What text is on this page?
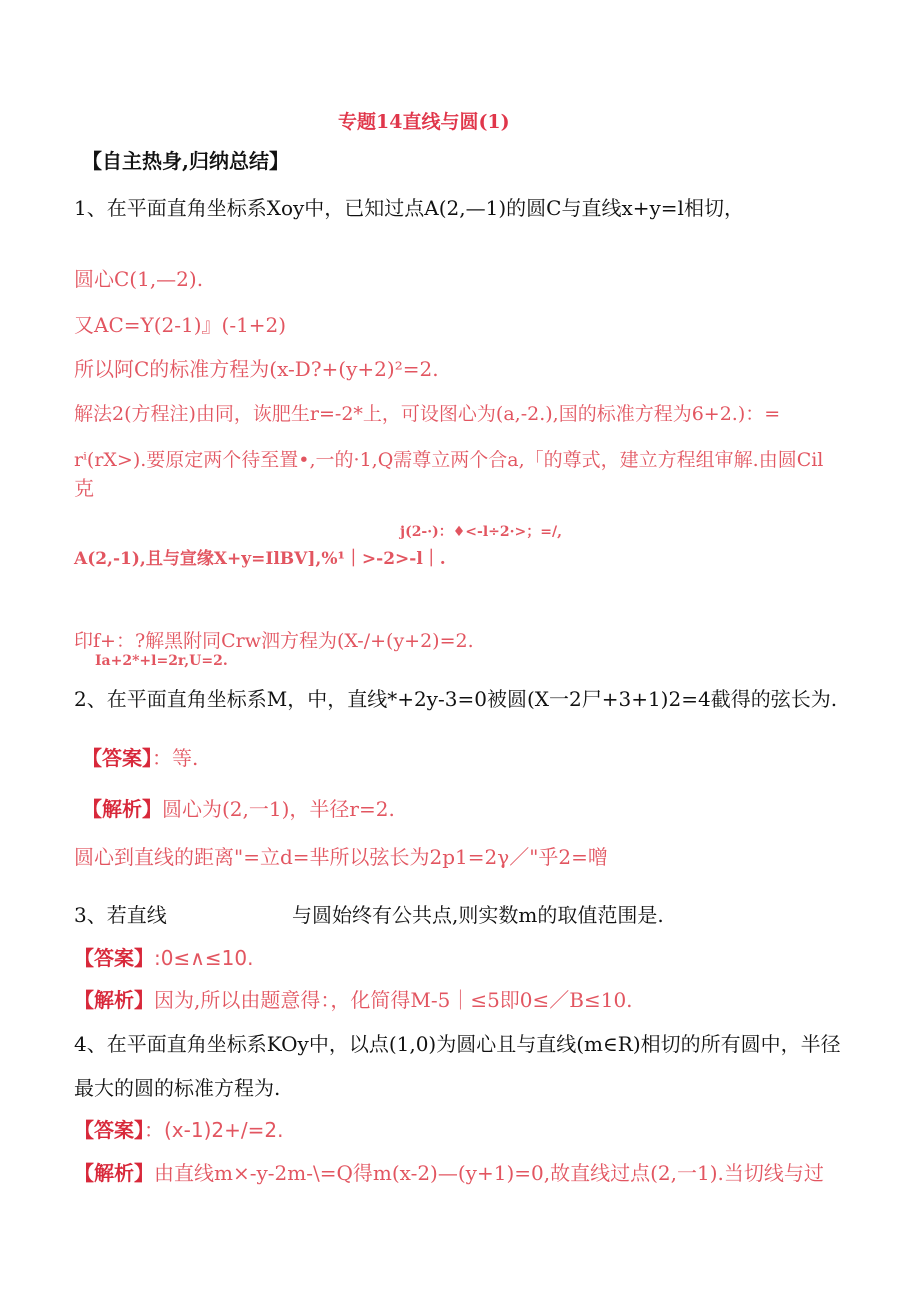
专题14直线与圆(1)
【自主热身,归纳总结】
1、在平面直角坐标系Xoy中，已知过点A(2,—1)的圆C与直线x+y=l相切，
圆心C(1,—2).
又AC=Y(2-1)』(-1+2)
所以阿C的标准方程为(x-D?+(y+2)²=2.
解法2(方程注)由同，诙肥生r=-2*上，可设图心为(a,-2.),国的标准方程为6+2.)：=
rⁱ(rX>).要原定两个待至置•,一的·1,Q需尊立两个合a,「的尊式，建立方程组审解.由圆Cil
克
j(2-·)：♦<-l÷2·>；=/,
A(2,-1),且与宣缘X+y=IlBV],%¹｜>-2>-l｜.
印f+：?解黑附同Crw泗方程为(X-/+(y+2)=2.
Ia+2*+l=2r,U=2.
2、在平面直角坐标系M，中，直线*+2y-3=0被圆(X一2尸+3+1)2=4截得的弦长为.
【答案】：等.
【解析】圆心为(2,一1)，半径r=2.
圆心到直线的距离"=立d=芈所以弦长为2p1=2γ／"乎2=噌
3、若直线	与圆始终有公共点,则实数m的取值范围是.
【答案】:0≤∧≤10.
【解析】因为,所以由题意得：，化简得M-5｜≤5即0≤／B≤10.
4、在平面直角坐标系KOy中，以点(1,0)为圆心且与直线(m∈R)相切的所有圆中，半径
最大的圆的标准方程为.
【答案】：(x-1)2+/=2.
【解析】由直线m×-y-2m-\=Q得m(x-2)—(y+1)=0,故直线过点(2,一1).当切线与过
